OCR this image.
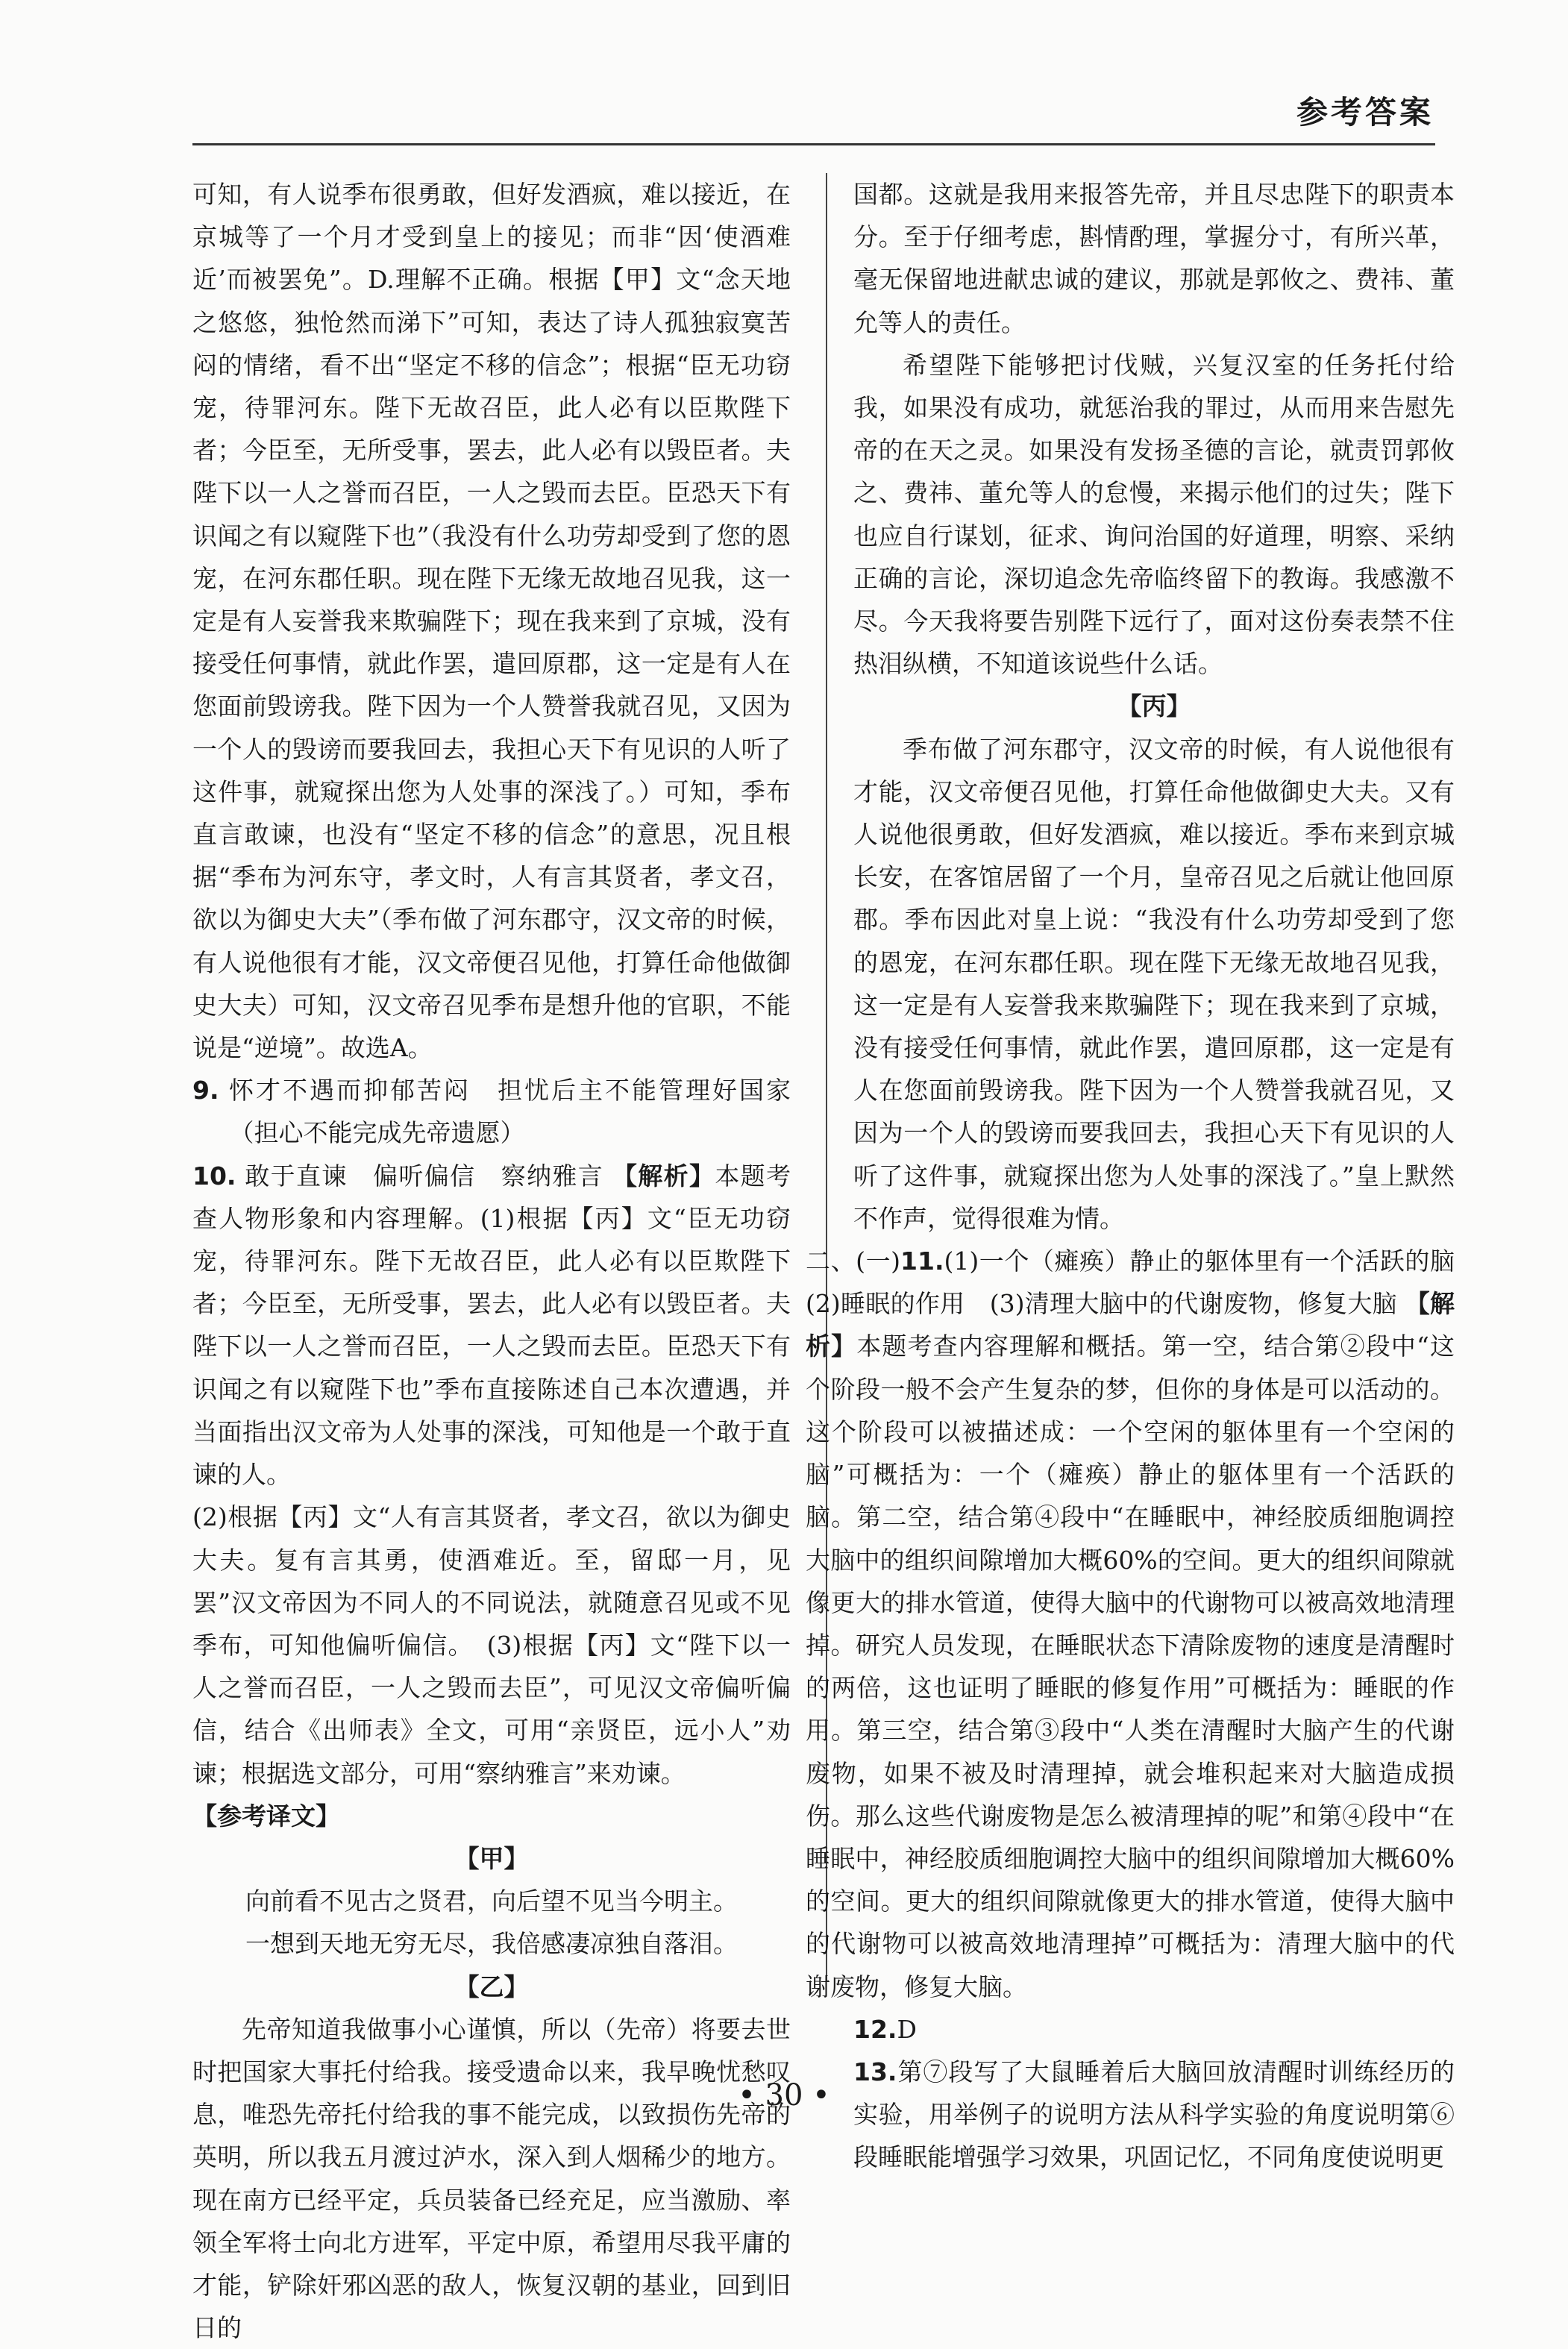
参考答案

可知，有人说季布很勇敢，但好发酒疯，难以接近，在京城等了一个月才受到皇上的接见；而非“因‘使酒难近’而被罢免”。D.理解不正确。根据【甲】文“念天地之悠悠，独怆然而涕下”可知，表达了诗人孤独寂寞苦闷的情绪，看不出“坚定不移的信念”；根据“臣无功窃宠，待罪河东。陛下无故召臣，此人必有以臣欺陛下者；今臣至，无所受事，罢去，此人必有以毁臣者。夫陛下以一人之誉而召臣，一人之毁而去臣。臣恐天下有识闻之有以窥陛下也”（我没有什么功劳却受到了您的恩宠，在河东郡任职。现在陛下无缘无故地召见我，这一定是有人妄誉我来欺骗陛下；现在我来到了京城，没有接受任何事情，就此作罢，遣回原郡，这一定是有人在您面前毁谤我。陛下因为一个人赞誉我就召见，又因为一个人的毁谤而要我回去，我担心天下有见识的人听了这件事，就窥探出您为人处事的深浅了。）可知，季布直言敢谏，也没有“坚定不移的信念”的意思，况且根据“季布为河东守，孝文时，人有言其贤者，孝文召，欲以为御史大夫”（季布做了河东郡守，汉文帝的时候，有人说他很有才能，汉文帝便召见他，打算任命他做御史大夫）可知，汉文帝召见季布是想升他的官职，不能说是“逆境”。故选A。

9. 怀才不遇而抑郁苦闷　担忧后主不能管理好国家（担心不能完成先帝遗愿）

10. 敢于直谏　偏听偏信　察纳雅言 【解析】本题考查人物形象和内容理解。(1)根据【丙】文“臣无功窃宠，待罪河东。陛下无故召臣，此人必有以臣欺陛下者；今臣至，无所受事，罢去，此人必有以毁臣者。夫陛下以一人之誉而召臣，一人之毁而去臣。臣恐天下有识闻之有以窥陛下也”季布直接陈述自己本次遭遇，并当面指出汉文帝为人处事的深浅，可知他是一个敢于直谏的人。

(2)根据【丙】文“人有言其贤者，孝文召，欲以为御史大夫。复有言其勇，使酒难近。至，留邸一月，见罢”汉文帝因为不同人的不同说法，就随意召见或不见季布，可知他偏听偏信。　(3)根据【丙】文“陛下以一人之誉而召臣，一人之毁而去臣”，可见汉文帝偏听偏信，结合《出师表》全文，可用“亲贤臣，远小人”劝谏；根据选文部分，可用“察纳雅言”来劝谏。

【参考译文】

【甲】

向前看不见古之贤君，向后望不见当今明主。

一想到天地无穷无尽，我倍感凄凉独自落泪。

【乙】

先帝知道我做事小心谨慎，所以（先帝）将要去世时把国家大事托付给我。接受遗命以来，我早晚忧愁叹息，唯恐先帝托付给我的事不能完成，以致损伤先帝的英明，所以我五月渡过泸水，深入到人烟稀少的地方。现在南方已经平定，兵员装备已经充足，应当激励、率领全军将士向北方进军，平定中原，希望用尽我平庸的才能，铲除奸邪凶恶的敌人，恢复汉朝的基业，回到旧日的

国都。这就是我用来报答先帝，并且尽忠陛下的职责本分。至于仔细考虑，斟情酌理，掌握分寸，有所兴革，毫无保留地进献忠诚的建议，那就是郭攸之、费祎、董允等人的责任。

希望陛下能够把讨伐贼，兴复汉室的任务托付给我，如果没有成功，就惩治我的罪过，从而用来告慰先帝的在天之灵。如果没有发扬圣德的言论，就责罚郭攸之、费祎、董允等人的怠慢，来揭示他们的过失；陛下也应自行谋划，征求、询问治国的好道理，明察、采纳正确的言论，深切追念先帝临终留下的教诲。我感激不尽。今天我将要告别陛下远行了，面对这份奏表禁不住热泪纵横，不知道该说些什么话。

【丙】

季布做了河东郡守，汉文帝的时候，有人说他很有才能，汉文帝便召见他，打算任命他做御史大夫。又有人说他很勇敢，但好发酒疯，难以接近。季布来到京城长安，在客馆居留了一个月，皇帝召见之后就让他回原郡。季布因此对皇上说：“我没有什么功劳却受到了您的恩宠，在河东郡任职。现在陛下无缘无故地召见我，这一定是有人妄誉我来欺骗陛下；现在我来到了京城，没有接受任何事情，就此作罢，遣回原郡，这一定是有人在您面前毁谤我。陛下因为一个人赞誉我就召见，又因为一个人的毁谤而要我回去，我担心天下有见识的人听了这件事，就窥探出您为人处事的深浅了。”皇上默然不作声，觉得很难为情。

二、(一)11.(1)一个（瘫痪）静止的躯体里有一个活跃的脑　(2)睡眠的作用　(3)清理大脑中的代谢废物，修复大脑 【解析】本题考查内容理解和概括。第一空，结合第②段中“这个阶段一般不会产生复杂的梦，但你的身体是可以活动的。这个阶段可以被描述成：一个空闲的躯体里有一个空闲的脑”可概括为：一个（瘫痪）静止的躯体里有一个活跃的脑。第二空，结合第④段中“在睡眠中，神经胶质细胞调控大脑中的组织间隙增加大概60%的空间。更大的组织间隙就像更大的排水管道，使得大脑中的代谢物可以被高效地清理掉。研究人员发现，在睡眠状态下清除废物的速度是清醒时的两倍，这也证明了睡眠的修复作用”可概括为：睡眠的作用。第三空，结合第③段中“人类在清醒时大脑产生的代谢废物，如果不被及时清理掉，就会堆积起来对大脑造成损伤。那么这些代谢废物是怎么被清理掉的呢”和第④段中“在睡眠中，神经胶质细胞调控大脑中的组织间隙增加大概60%的空间。更大的组织间隙就像更大的排水管道，使得大脑中的代谢物可以被高效地清理掉”可概括为：清理大脑中的代谢废物，修复大脑。

12.D

13.第⑦段写了大鼠睡着后大脑回放清醒时训练经历的实验，用举例子的说明方法从科学实验的角度说明第⑥段睡眠能增强学习效果，巩固记忆，不同角度使说明更

• 30 •
